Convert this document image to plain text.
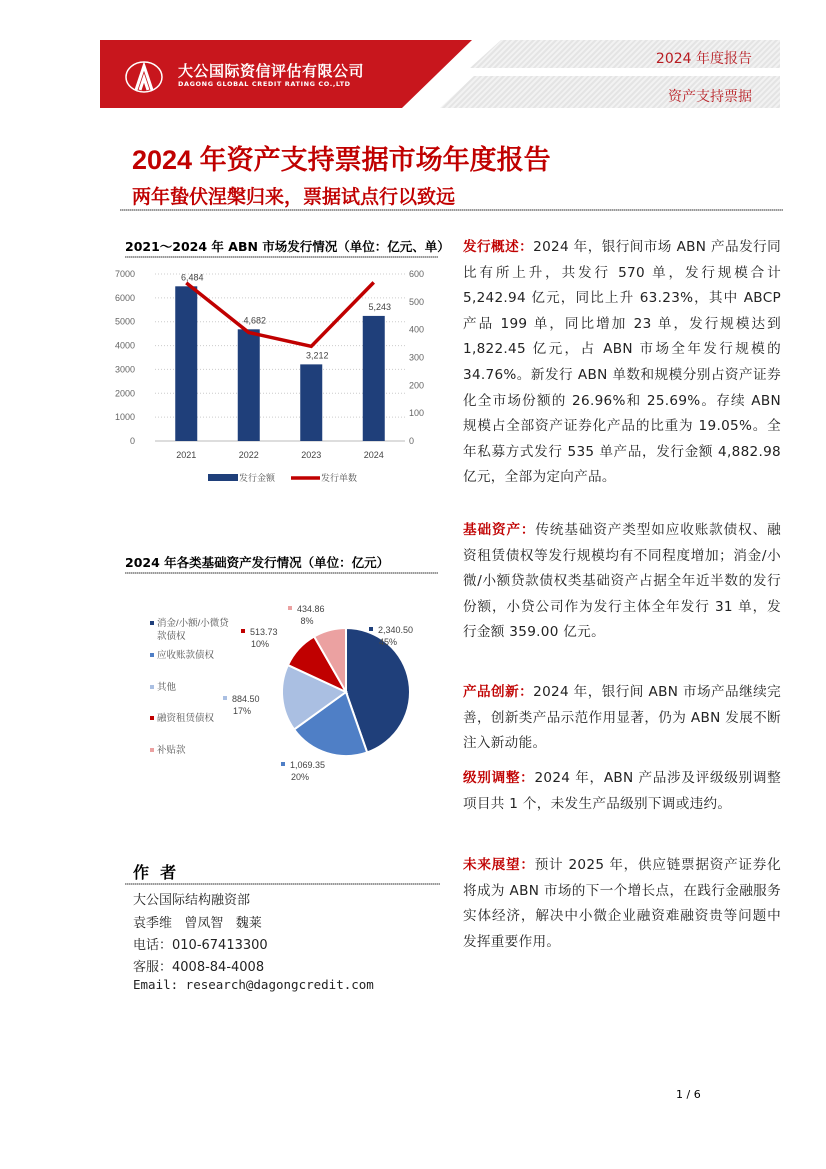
大公国际资信评估有限公司
DAGONG GLOBAL CREDIT RATING CO.,LTD
2024 年度报告
资产支持票据
2024 年资产支持票据市场年度报告
两年蛰伏涅槃归来，票据试点行以致远
2021～2024 年 ABN 市场发行情况（单位：亿元、单）
0
1000
2000
3000
4000
5000
6000
7000
0
100
200
300
400
500
600
6,484
2021
4,682
2022
3,212
2023
5,243
2024
发行金额	发行单数
2024 年各类基础资产发行情况（单位：亿元）
2,340.50
45%
消金/小额/小微贷
款债权
1,069.35
20%
应收账款债权
884.50
17%
其他
513.73
10%
融资租赁债权
434.86
8%
补贴款
作  者
大公国际结构融资部
袁季维   曾凤智   魏莱
电话：010-67413300
客服：4008-84-4008
Email: research@dagongcredit.com
发行概述：2024 年，银行间市场 ABN 产品发行同比有所上升，共发行 570 单，发行规模合计 5,242.94 亿元，同比上升 63.23%，其中 ABCP 产品 199 单，同比增加 23 单，发行规模达到 1,822.45 亿元，占 ABN 市场全年发行规模的 34.76%。新发行 ABN 单数和规模分别占资产证券化全市场份额的 26.96%和 25.69%。存续 ABN 规模占全部资产证券化产品的比重为 19.05%。全年私募方式发行 535 单产品，发行金额 4,882.98 亿元，全部为定向产品。
基础资产：传统基础资产类型如应收账款债权、融资租赁债权等发行规模均有不同程度增加；消金/小微/小额贷款债权类基础资产占据全年近半数的发行份额，小贷公司作为发行主体全年发行 31 单，发行金额 359.00 亿元。
产品创新：2024 年，银行间 ABN 市场产品继续完善，创新类产品示范作用显著，仍为 ABN 发展不断注入新动能。
级别调整：2024 年，ABN 产品涉及评级级别调整项目共 1 个，未发生产品级别下调或违约。
未来展望：预计 2025 年，供应链票据资产证券化将成为 ABN 市场的下一个增长点，在践行金融服务实体经济，解决中小微企业融资难融资贵等问题中发挥重要作用。
1 / 6
